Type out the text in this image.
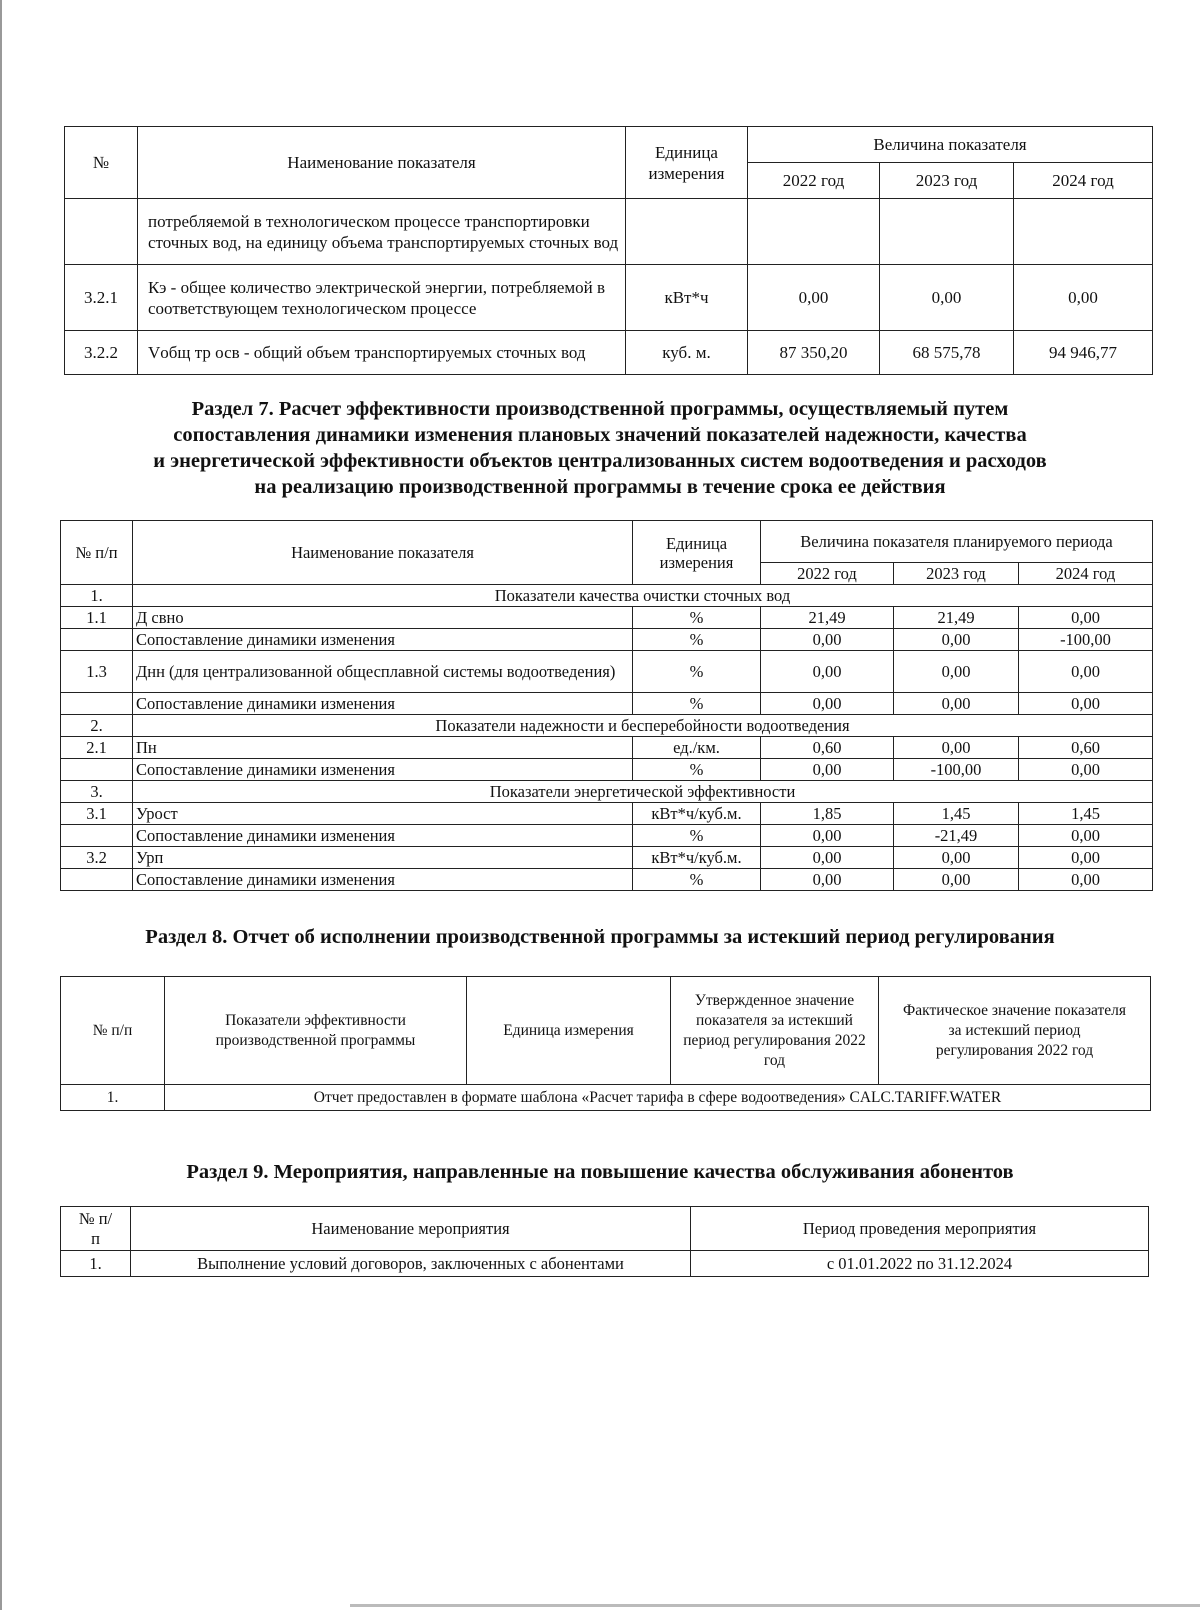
№	Наименование показателя	Единица измерения	Величина показателя		
			2022 год	2023 год	2024 год
	потребляемой в технологическом процессе транспортировки сточных вод, на единицу объема транспортируемых сточных вод				
3.2.1	Кэ - общее количество электрической энергии, потребляемой в соответствующем технологическом процессе	кВт*ч	0,00	0,00	0,00
3.2.2	Vобщ тр осв - общий объем транспортируемых сточных вод	куб. м.	87 350,20	68 575,78	94 946,77
Раздел 7. Расчет эффективности производственной программы, осуществляемый путем
сопоставления динамики изменения плановых значений показателей надежности, качества
и энергетической эффективности объектов централизованных систем водоотведения и расходов
на реализацию производственной программы в течение срока ее действия
№ п/п	Наименование показателя	Единица измерения	Величина показателя планируемого периода		
			2022 год	2023 год	2024 год
1.	Показатели качества очистки сточных вод				
1.1	Д свно	%	21,49	21,49	0,00
	Сопоставление динамики изменения	%	0,00	0,00	-100,00
1.3	Днн (для централизованной общесплавной системы водоотведения)	%	0,00	0,00	0,00
	Сопоставление динамики изменения	%	0,00	0,00	0,00
2.	Показатели надежности и бесперебойности водоотведения				
2.1	Пн	ед./км.	0,60	0,00	0,60
	Сопоставление динамики изменения	%	0,00	-100,00	0,00
3.	Показатели энергетической эффективности				
3.1	Урост	кВт*ч/куб.м.	1,85	1,45	1,45
	Сопоставление динамики изменения	%	0,00	-21,49	0,00
3.2	Урп	кВт*ч/куб.м.	0,00	0,00	0,00
	Сопоставление динамики изменения	%	0,00	0,00	0,00
Раздел 8. Отчет об исполнении производственной программы за истекший период регулирования
№ п/п	Показатели эффективности производственной программы	Единица измерения	Утвержденное значение показателя за истекший период регулирования 2022 год	Фактическое значение показателя за истекший период регулирования 2022 год
1.	Отчет предоставлен в формате шаблона «Расчет тарифа в сфере водоотведения» CALC.TARIFF.WATER			
Раздел 9. Мероприятия, направленные на повышение качества обслуживания абонентов
№ п/п	Наименование мероприятия	Период проведения мероприятия
1.	Выполнение условий договоров, заключенных с абонентами	с 01.01.2022 по 31.12.2024
